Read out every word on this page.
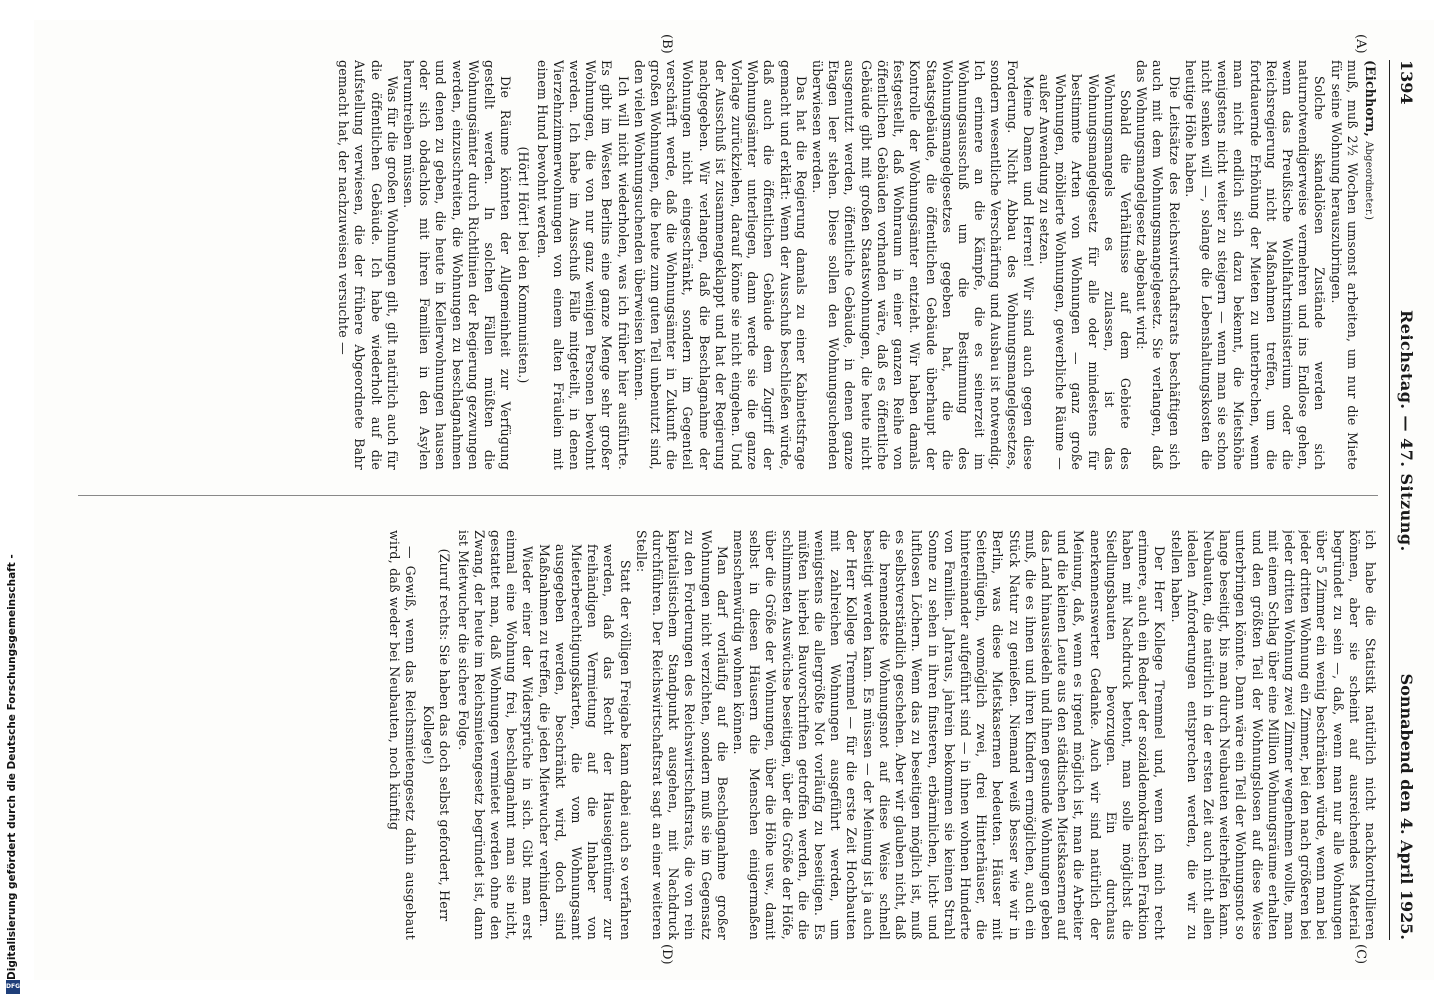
1394
Reichstag. — 47. Sitzung.
Sonnabend den 4. April 1925.
(A)
(B)
(C)
(D)

(Eichhorn, Abgeordneter.)
muß, muß 2½ Wochen umsonst arbeiten, um nur die Miete für seine Wohnung herauszubringen.

Solche skandalösen Zustände werden sich naturnotwendigerweise vermehren und ins Endlose gehen, wenn das Preußische Wohlfahrtsministerium oder die Reichsregierung nicht Maßnahmen treffen, um die fortdauernde Erhöhung der Mieten zu unterbrechen, wenn man nicht endlich sich dazu bekennt, die Mietshöhe wenigstens nicht weiter zu steigern — wenn man sie schon nicht senken will —, solange die Lebenshaltungskosten die heutige Höhe haben.

Die Leitsätze des Reichswirtschaftsrats beschäftigen sich auch mit dem Wohnungsmangelgesetz. Sie verlangen, daß das Wohnungsmangelgesetz abgebaut wird:

Sobald die Verhältnisse auf dem Gebiete des Wohnungsmangels es zulassen, ist das Wohnungsmangelgesetz für alle oder mindestens für bestimmte Arten von Wohnungen — ganz große Wohnungen, möblierte Wohnungen, gewerbliche Räume — außer Anwendung zu setzen.

Meine Damen und Herren! Wir sind auch gegen diese Forderung. Nicht Abbau des Wohnungsmangelgesetzes, sondern wesentliche Verschärfung und Ausbau ist notwendig. Ich erinnere an die Kämpfe, die es seinerzeit im Wohnungsausschuß um die Bestimmung des Wohnungsmangelgesetzes gegeben hat, die die Staatsgebäude, die öffentlichen Gebäude überhaupt der Kontrolle der Wohnungsämter entzieht. Wir haben damals festgestellt, daß Wohnraum in einer ganzen Reihe von öffentlichen Gebäuden vorhanden wäre, daß es öffentliche Gebäude gibt mit großen Staatswohnungen, die heute nicht ausgenutzt werden, öffentliche Gebäude, in denen ganze Etagen leer stehen. Diese sollen den Wohnungsuchenden überwiesen werden.

Das hat die Regierung damals zu einer Kabinettsfrage gemacht und erklärt: Wenn der Ausschuß beschließen würde, daß auch die öffentlichen Gebäude dem Zugriff der Wohnungsämter unterliegen, dann werde sie die ganze Vorlage zurückziehen, darauf könne sie nicht eingehen. Und der Ausschuß ist zusammengeklappt und hat der Regierung nachgegeben. Wir verlangen, daß die Beschlagnahme der Wohnungen nicht eingeschränkt, sondern im Gegenteil verschärft werde, daß die Wohnungsämter in Zukunft die großen Wohnungen, die heute zum guten Teil unbenutzt sind, den vielen Wohnungsuchenden überweisen können.

Ich will nicht wiederholen, was ich früher hier ausführte. Es gibt im Westen Berlins eine ganze Menge sehr großer Wohnungen, die von nur ganz wenigen Personen bewohnt werden. Ich habe im Ausschuß Fälle mitgeteilt, in denen Vierzehnzimmerwohnungen von einem alten Fräulein mit einem Hund bewohnt werden.

(Hört! Hört! bei den Kommunisten.)

Die Räume könnten der Allgemeinheit zur Verfügung gestellt werden. In solchen Fällen müßten die Wohnungsämter durch Richtlinien der Regierung gezwungen werden, einzuschreiten, die Wohnungen zu beschlagnahmen und denen zu geben, die heute in Kellerwohnungen hausen oder sich obdachlos mit ihren Familien in den Asylen herumtreiben müssen.

Was für die großen Wohnungen gilt, gilt natürlich auch für die öffentlichen Gebäude. Ich habe wiederholt auf die Aufstellung verwiesen, die der frühere Abgeordnete Bahr gemacht hat, der nachzuweisen versuchte —

ich habe die Statistik natürlich nicht nachkontrollieren können, aber sie scheint auf ausreichendes Material begründet zu sein —, daß, wenn man nur alle Wohnungen über 5 Zimmer ein wenig beschränken würde, wenn man bei jeder dritten Wohnung ein Zimmer, bei den nach größeren bei jeder dritten Wohnung zwei Zimmer wegnehmen wollte, man mit einem Schlag über eine Million Wohnungsräume erhalten und den größten Teil der Wohnungslosen auf diese Weise unterbringen könnte. Dann wäre ein Teil der Wohnungsnot so lange beseitigt, bis man durch Neubauten weiterhelfen kann. Neubauten, die natürlich in der ersten Zeit auch nicht allen idealen Anforderungen entsprechen werden, die wir zu stellen haben.

Der Herr Kollege Tremmel und, wenn ich mich recht erinnere, auch ein Redner der sozialdemokratischen Fraktion haben mit Nachdruck betont, man solle möglichst die Siedlungsbauten bevorzugen. Ein durchaus anerkennenswerter Gedanke. Auch wir sind natürlich der Meinung, daß, wenn es irgend möglich ist, man die Arbeiter und die kleinen Leute aus den städtischen Mietskasernen auf das Land hinaussiedeln und ihnen gesunde Wohnungen geben muß, die es ihnen und ihren Kindern ermöglichen, auch ein Stück Natur zu genießen. Niemand weiß besser wie wir in Berlin, was diese Mietskasernen bedeuten. Häuser mit Seitenflügeln, womöglich zwei, drei Hinterhäuser, die hintereinander aufgeführt sind — in ihnen wohnen Hunderte von Familien. Jahraus, jahrein bekommen sie keinen Strahl Sonne zu sehen in ihren finsteren, erbärmlichen, licht- und luftlosen Löchern. Wenn das zu beseitigen möglich ist, muß es selbstverständlich geschehen. Aber wir glauben nicht, daß die brennendste Wohnungsnot auf diese Weise schnell beseitigt werden kann. Es müssen — der Meinung ist ja auch der Herr Kollege Tremmel — für die erste Zeit Hochbauten mit zahlreichen Wohnungen ausgeführt werden, um wenigstens die allergrößte Not vorläufig zu beseitigen. Es müßten hierbei Bauvorschriften getroffen werden, die die schlimmsten Auswüchse beseitigen, über die Größe der Höfe, über die Größe der Wohnungen, über die Höhe usw., damit selbst in diesen Häusern die Menschen einigermaßen menschenwürdig wohnen können.

Man darf vorläufig auf die Beschlagnahme großer Wohnungen nicht verzichten, sondern muß sie im Gegensatz zu den Forderungen des Reichswirtschaftsrats, die von rein kapitalistischem Standpunkt ausgehen, mit Nachdruck durchführen. Der Reichswirtschaftsrat sagt an einer weiteren Stelle:

Statt der völligen Freigabe kann dabei auch so verfahren werden, daß das Recht der Hauseigentümer zur freihändigen Vermietung auf die Inhaber von Mieterberechtigungskarten, die vom Wohnungsamt ausgegeben werden, beschränkt wird, doch sind Maßnahmen zu treffen, die jeden Mietwucher verhindern.

Wieder einer der Widersprüche in sich. Gibt man erst einmal eine Wohnung frei, beschlagnahmt man sie nicht, gestattet man, daß Wohnungen vermietet werden ohne den Zwang, der heute im Reichsmietengesetz begründet ist, dann ist Mietwucher die sichere Folge.

(Zuruf rechts: Sie haben das doch selbst gefordert, Herr Kollege!)

— Gewiß, wenn das Reichsmietengesetz dahin ausgebaut wird, daß weder bei Neubauten, noch künftig

Digitalisierung gefördert durch die Deutsche Forschungsgemeinschaft -
DFG
